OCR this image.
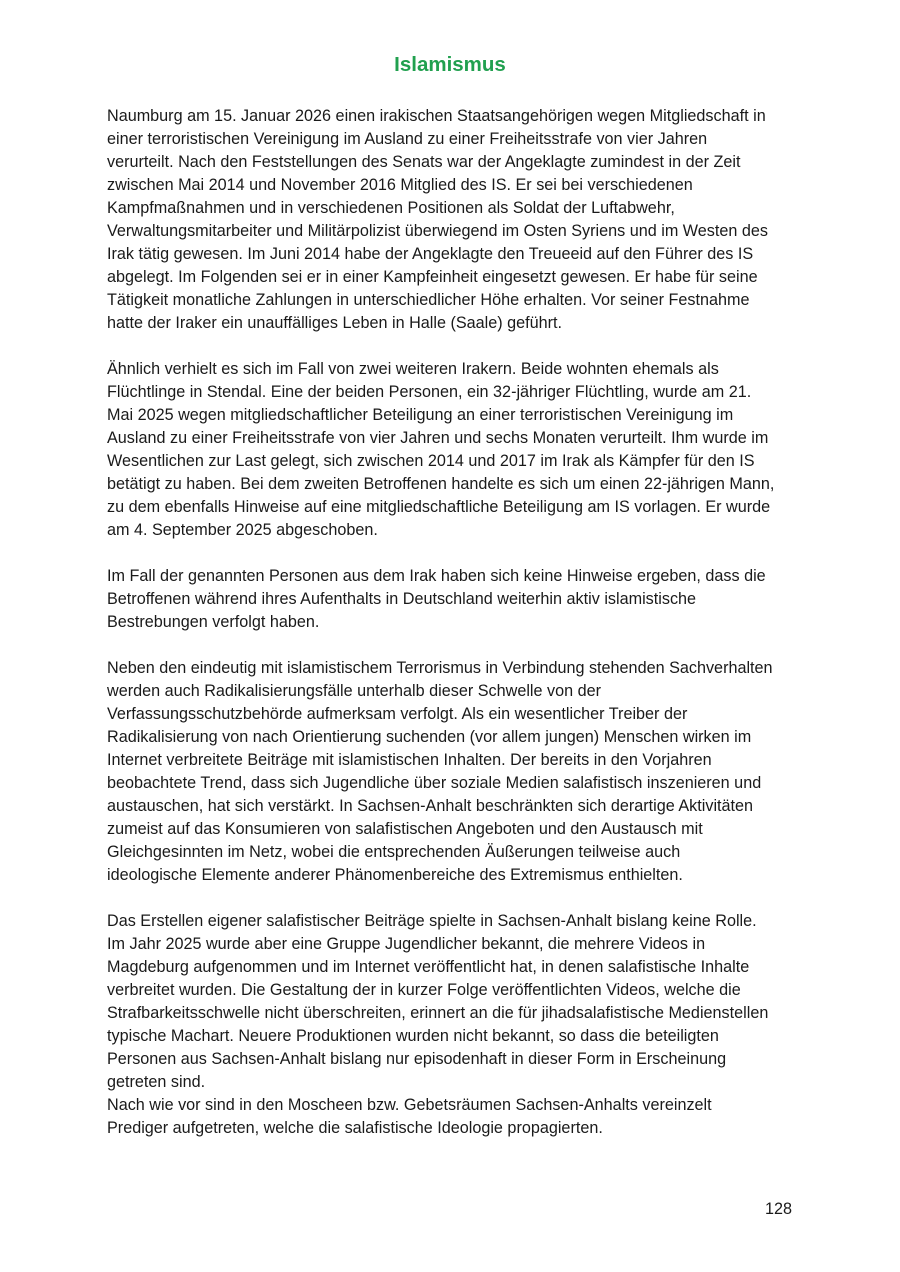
Islamismus

Naumburg am 15. Januar 2026 einen irakischen Staatsangehörigen wegen Mitgliedschaft in
einer terroristischen Vereinigung im Ausland zu einer Freiheitsstrafe von vier Jahren
verurteilt. Nach den Feststellungen des Senats war der Angeklagte zumindest in der Zeit
zwischen Mai 2014 und November 2016 Mitglied des IS. Er sei bei verschiedenen
Kampfmaßnahmen und in verschiedenen Positionen als Soldat der Luftabwehr,
Verwaltungsmitarbeiter und Militärpolizist überwiegend im Osten Syriens und im Westen des
Irak tätig gewesen. Im Juni 2014 habe der Angeklagte den Treueeid auf den Führer des IS
abgelegt. Im Folgenden sei er in einer Kampfeinheit eingesetzt gewesen. Er habe für seine
Tätigkeit monatliche Zahlungen in unterschiedlicher Höhe erhalten. Vor seiner Festnahme
hatte der Iraker ein unauffälliges Leben in Halle (Saale) geführt.

Ähnlich verhielt es sich im Fall von zwei weiteren Irakern. Beide wohnten ehemals als
Flüchtlinge in Stendal. Eine der beiden Personen, ein 32-jähriger Flüchtling, wurde am 21.
Mai 2025 wegen mitgliedschaftlicher Beteiligung an einer terroristischen Vereinigung im
Ausland zu einer Freiheitsstrafe von vier Jahren und sechs Monaten verurteilt. Ihm wurde im
Wesentlichen zur Last gelegt, sich zwischen 2014 und 2017 im Irak als Kämpfer für den IS
betätigt zu haben. Bei dem zweiten Betroffenen handelte es sich um einen 22-jährigen Mann,
zu dem ebenfalls Hinweise auf eine mitgliedschaftliche Beteiligung am IS vorlagen. Er wurde
am 4. September 2025 abgeschoben.

Im Fall der genannten Personen aus dem Irak haben sich keine Hinweise ergeben, dass die
Betroffenen während ihres Aufenthalts in Deutschland weiterhin aktiv islamistische
Bestrebungen verfolgt haben.

Neben den eindeutig mit islamistischem Terrorismus in Verbindung stehenden Sachverhalten
werden auch Radikalisierungsfälle unterhalb dieser Schwelle von der
Verfassungsschutzbehörde aufmerksam verfolgt. Als ein wesentlicher Treiber der
Radikalisierung von nach Orientierung suchenden (vor allem jungen) Menschen wirken im
Internet verbreitete Beiträge mit islamistischen Inhalten. Der bereits in den Vorjahren
beobachtete Trend, dass sich Jugendliche über soziale Medien salafistisch inszenieren und
austauschen, hat sich verstärkt. In Sachsen-Anhalt beschränkten sich derartige Aktivitäten
zumeist auf das Konsumieren von salafistischen Angeboten und den Austausch mit
Gleichgesinnten im Netz, wobei die entsprechenden Äußerungen teilweise auch
ideologische Elemente anderer Phänomenbereiche des Extremismus enthielten.

Das Erstellen eigener salafistischer Beiträge spielte in Sachsen-Anhalt bislang keine Rolle.
Im Jahr 2025 wurde aber eine Gruppe Jugendlicher bekannt, die mehrere Videos in
Magdeburg aufgenommen und im Internet veröffentlicht hat, in denen salafistische Inhalte
verbreitet wurden. Die Gestaltung der in kurzer Folge veröffentlichten Videos, welche die
Strafbarkeitsschwelle nicht überschreiten, erinnert an die für jihadsalafistische Medienstellen
typische Machart. Neuere Produktionen wurden nicht bekannt, so dass die beteiligten
Personen aus Sachsen-Anhalt bislang nur episodenhaft in dieser Form in Erscheinung
getreten sind.

Nach wie vor sind in den Moscheen bzw. Gebetsräumen Sachsen-Anhalts vereinzelt
Prediger aufgetreten, welche die salafistische Ideologie propagierten.

128
